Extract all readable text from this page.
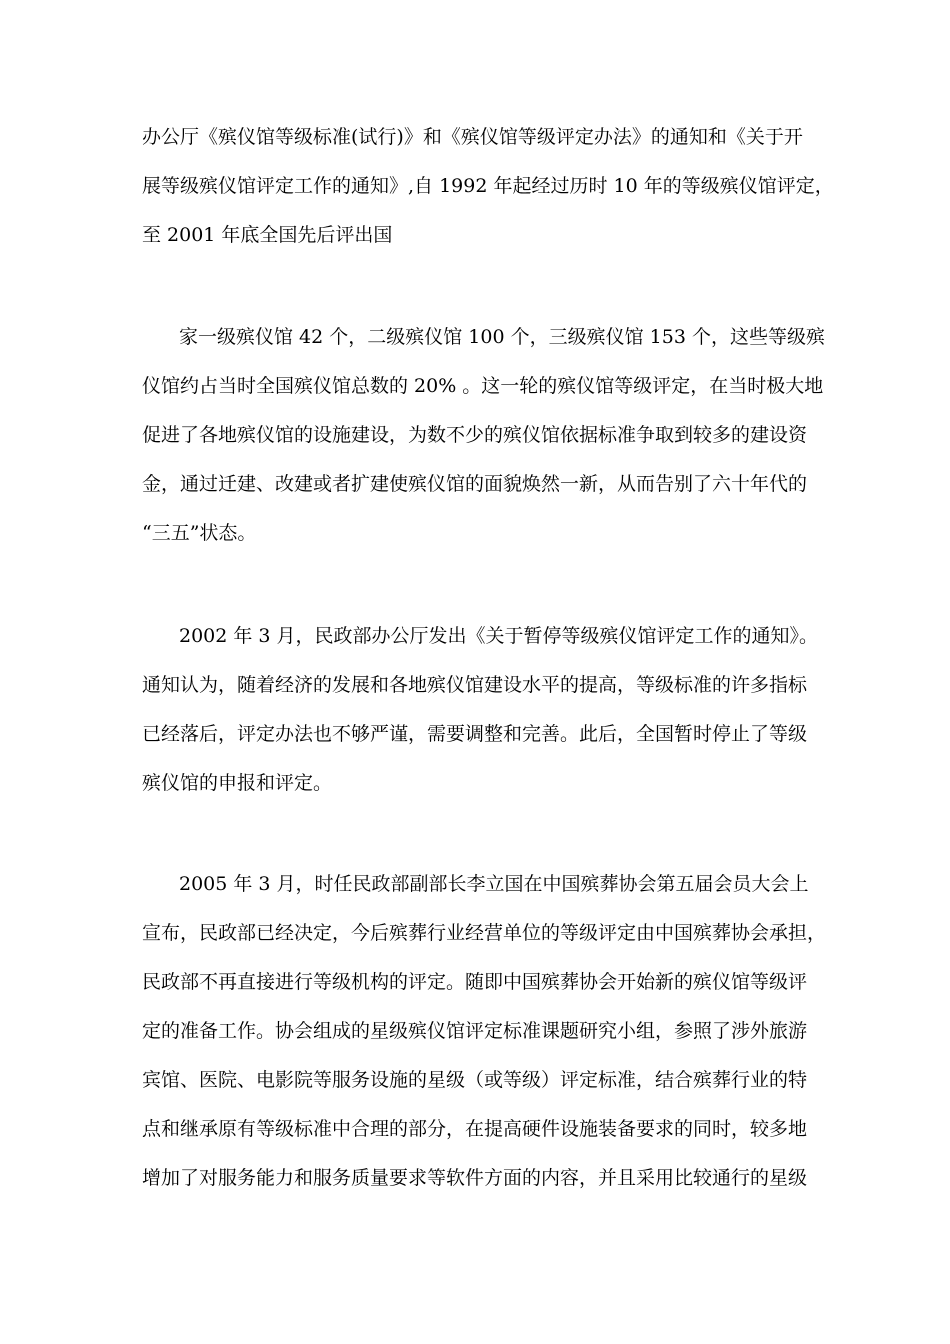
办公厅《殡仪馆等级标准(试行)》和《殡仪馆等级评定办法》的通知和《关于开
展等级殡仪馆评定工作的通知》,自 1992 年起经过历时 10 年的等级殡仪馆评定，
至 2001 年底全国先后评出国
家一级殡仪馆 42 个，二级殡仪馆 100 个，三级殡仪馆 153 个，这些等级殡
仪馆约占当时全国殡仪馆总数的 20% 。这一轮的殡仪馆等级评定，在当时极大地
促进了各地殡仪馆的设施建设，为数不少的殡仪馆依据标准争取到较多的建设资
金，通过迁建、改建或者扩建使殡仪馆的面貌焕然一新，从而告别了六十年代的
“三五”状态。
2002 年 3 月，民政部办公厅发出《关于暂停等级殡仪馆评定工作的通知》。
通知认为，随着经济的发展和各地殡仪馆建设水平的提高，等级标准的许多指标
已经落后，评定办法也不够严谨，需要调整和完善。此后，全国暂时停止了等级
殡仪馆的申报和评定。
2005 年 3 月，时任民政部副部长李立国在中国殡葬协会第五届会员大会上
宣布，民政部已经决定，今后殡葬行业经营单位的等级评定由中国殡葬协会承担，
民政部不再直接进行等级机构的评定。随即中国殡葬协会开始新的殡仪馆等级评
定的准备工作。协会组成的星级殡仪馆评定标准课题研究小组，参照了涉外旅游
宾馆、医院、电影院等服务设施的星级（或等级）评定标准，结合殡葬行业的特
点和继承原有等级标准中合理的部分，在提高硬件设施装备要求的同时，较多地
增加了对服务能力和服务质量要求等软件方面的内容，并且采用比较通行的星级
